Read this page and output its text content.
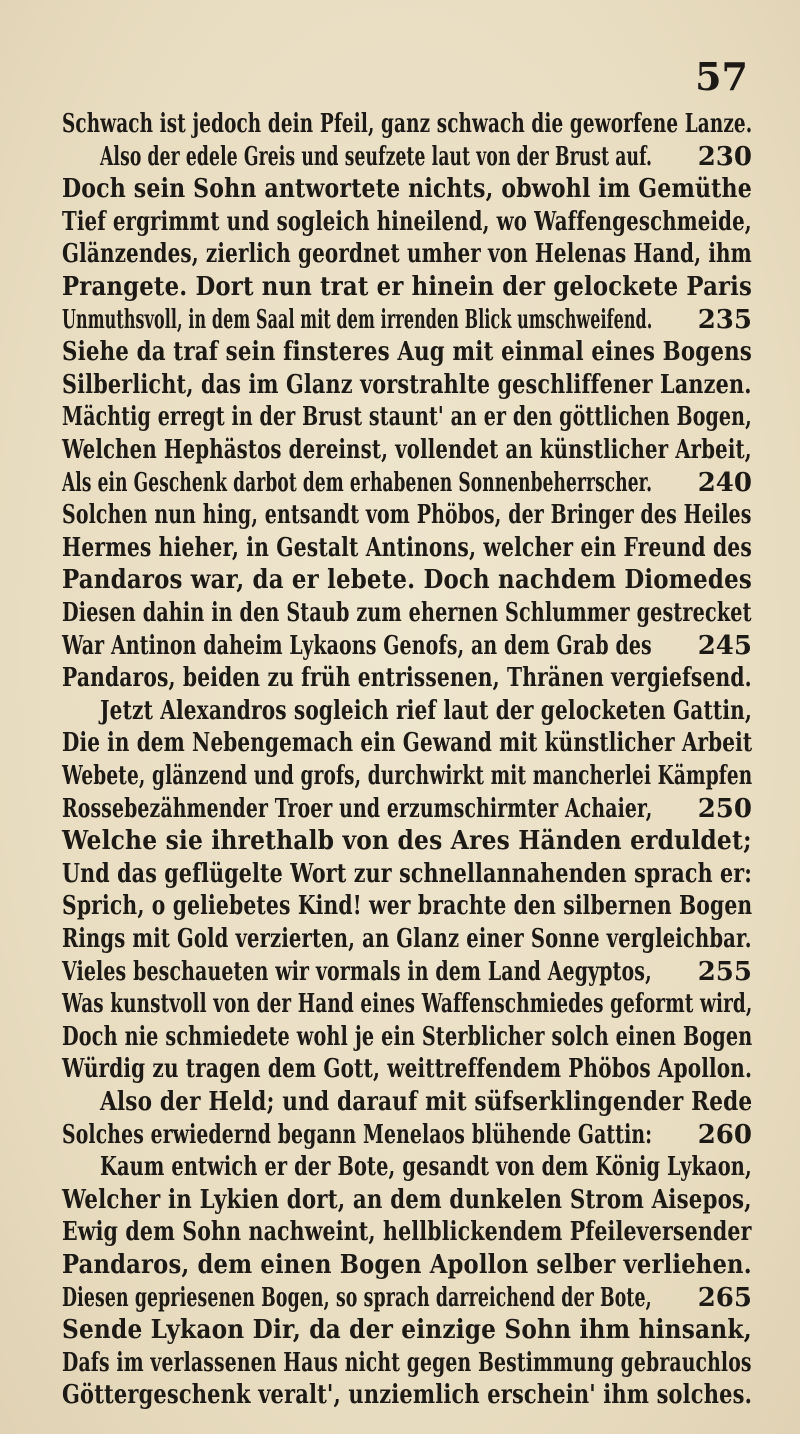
57
Schwach ist jedoch dein Pfeil, ganz schwach die geworfene Lanze.
Also der edele Greis und seufzete laut von der Brust auf. 230
Doch sein Sohn antwortete nichts, obwohl im Gemüthe
Tief ergrimmt und sogleich hineilend, wo Waffengeschmeide,
Glänzendes, zierlich geordnet umher von Helenas Hand, ihm
Prangete. Dort nun trat er hinein der gelockete Paris
Unmuthsvoll, in dem Saal mit dem irrenden Blick umschweifend. 235
Siehe da traf sein finsteres Aug mit einmal eines Bogens
Silberlicht, das im Glanz vorstrahlte geschliffener Lanzen.
Mächtig erregt in der Brust staunt' an er den göttlichen Bogen,
Welchen Hephästos dereinst, vollendet an künstlicher Arbeit,
Als ein Geschenk darbot dem erhabenen Sonnenbeherrscher. 240
Solchen nun hing, entsandt vom Phöbos, der Bringer des Heiles
Hermes hieher, in Gestalt Antinons, welcher ein Freund des
Pandaros war, da er lebete. Doch nachdem Diomedes
Diesen dahin in den Staub zum ehernen Schlummer gestrecket
War Antinon daheim Lykaons Genofs, an dem Grab des 245
Pandaros, beiden zu früh entrissenen, Thränen vergiefsend.
Jetzt Alexandros sogleich rief laut der gelocketen Gattin,
Die in dem Nebengemach ein Gewand mit künstlicher Arbeit
Webete, glänzend und grofs, durchwirkt mit mancherlei Kämpfen
Rossebezähmender Troer und erzumschirmter Achaier, 250
Welche sie ihrethalb von des Ares Händen erduldet;
Und das geflügelte Wort zur schnellannahenden sprach er:
Sprich, o geliebetes Kind! wer brachte den silbernen Bogen
Rings mit Gold verzierten, an Glanz einer Sonne vergleichbar.
Vieles beschaueten wir vormals in dem Land Aegyptos, 255
Was kunstvoll von der Hand eines Waffenschmiedes geformt wird,
Doch nie schmiedete wohl je ein Sterblicher solch einen Bogen
Würdig zu tragen dem Gott, weittreffendem Phöbos Apollon.
Also der Held; und darauf mit süfserklingender Rede
Solches erwiedernd begann Menelaos blühende Gattin: 260
Kaum entwich er der Bote, gesandt von dem König Lykaon,
Welcher in Lykien dort, an dem dunkelen Strom Aisepos,
Ewig dem Sohn nachweint, hellblickendem Pfeileversender
Pandaros, dem einen Bogen Apollon selber verliehen.
Diesen gepriesenen Bogen, so sprach darreichend der Bote, 265
Sende Lykaon Dir, da der einzige Sohn ihm hinsank,
Dafs im verlassenen Haus nicht gegen Bestimmung gebrauchlos
Göttergeschenk veralt', unziemlich erschein' ihm solches.
